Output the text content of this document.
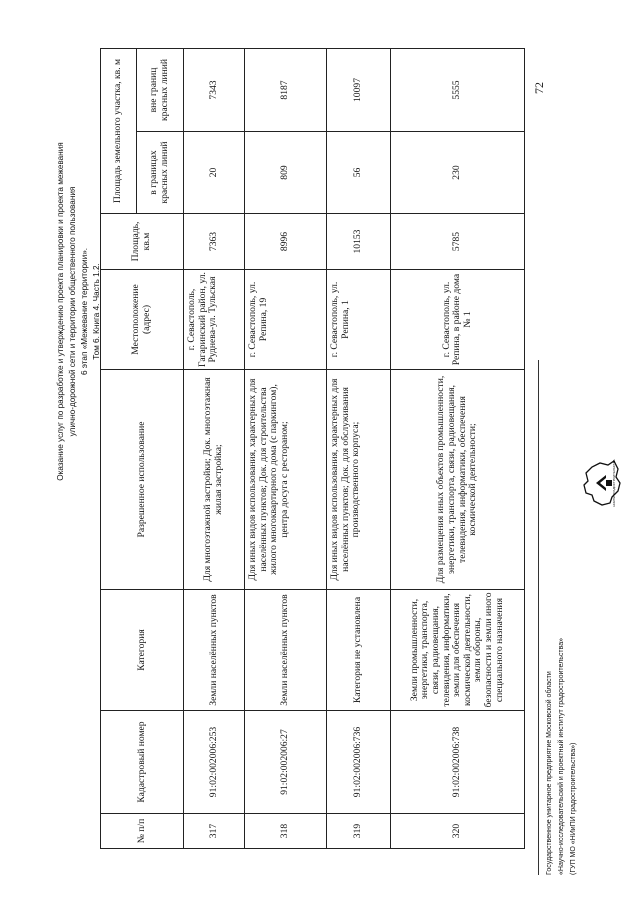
Оказание услуг по разработке и утверждению проекта планировки и проекта межевания улично-дорожной сети и территории общественного пользования 6 этап «Межевание территории». Том 6. Книга 4. Часть 1.2.
№ п/п	Кадастровый номер	Категория	Разрешенное использование	Местоположение (адрес)	Площадь, кв.м	Площадь земельного участка, кв. м	
						в границах красных линий	вне границ красных линий
317	91:02:002006:253	Земли населённых пунктов	Для многоэтажной застройки; Док. многоэтажная жилая застройка;	г. Севастополь, Гагаринский район, ул. Руднева-ул. Тульская	7363	20	7343
318	91:02:002006:27	Земли населённых пунктов	Для иных видов использования, характерных для населённых пунктов; Док. для строительства жилого многоквартирного дома (с паркингом), центра досуга с рестораном;	г. Севастополь, ул. Репина, 19	8996	809	8187
319	91:02:002006:736	Категория не установлена	Для иных видов использования, характерных для населённых пунктов; Док. для обслуживания производственного корпуса;	г. Севастополь, ул. Репина, 1	10153	56	10097
320	91:02:002006:738	Земли промышленности, энергетики, транспорта, связи, радиовещания, телевидения, информатики, земли для обеспечения космической деятельности, земли обороны, безопасности и земли иного специального назначения	Для размещения иных объектов промышленности, энергетики, транспорта, связи, радиовещания, телевидения, информатики, обеспечения космической деятельности;	г. Севастополь, ул. Репина, в районе дома № 1	5785	230	5555	72
Государственное унитарное предприятие Московской области «Научно-исследовательский и проектный институт градостроительства» (ГУП МО «НИиПИ градостроительства»)
НИИПИ ГРАДОСТРОИТЕЛЬСТВА
